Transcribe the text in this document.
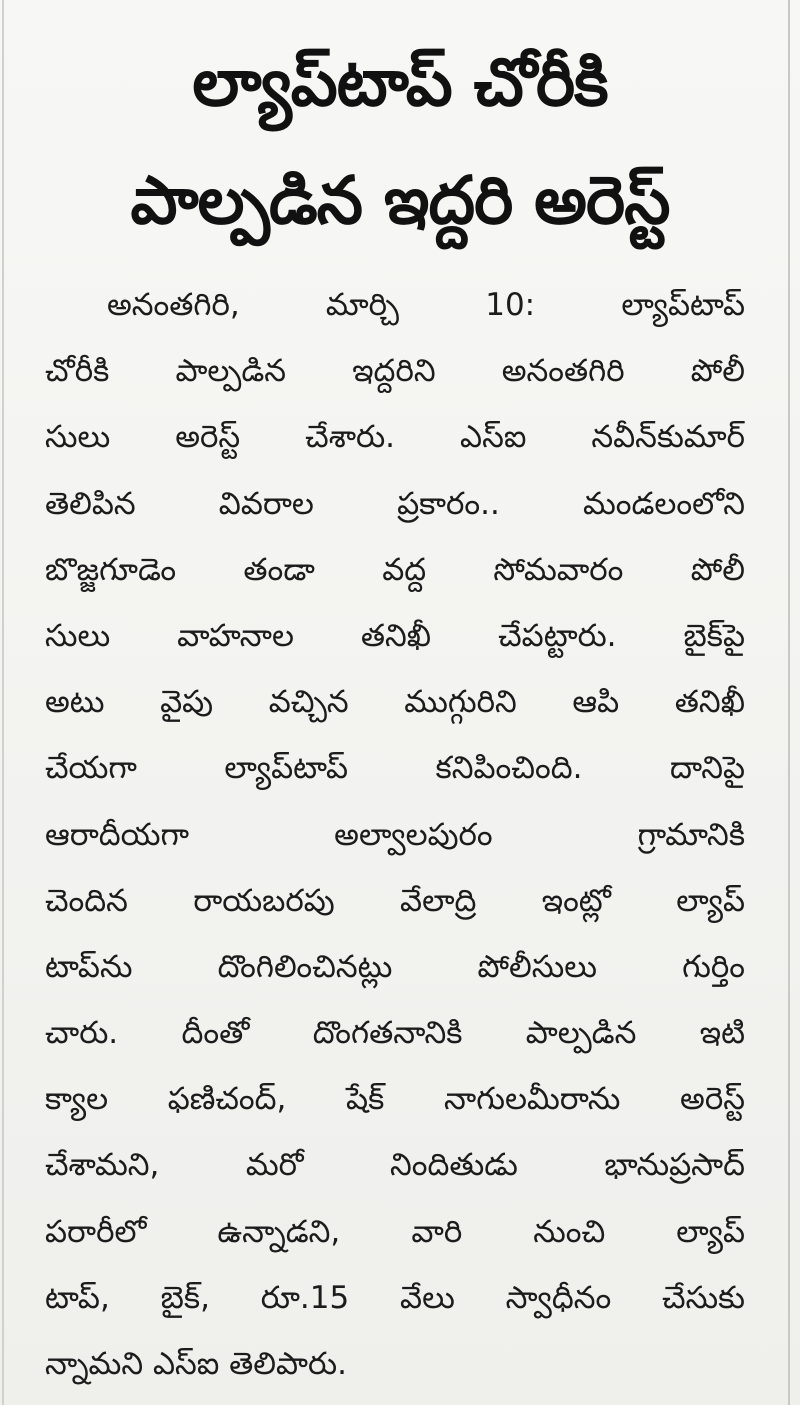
ల్యాప్‌టాప్ చోరీకి
పాల్పడిన ఇద్దరి అరెస్ట్
అనంతగిరి, మార్చి 10: ల్యాప్‌టాప్
చోరీకి పాల్పడిన ఇద్దరిని అనంతగిరి పోలీ
సులు అరెస్ట్ చేశారు. ఎస్ఐ నవీన్‌కుమార్
తెలిపిన వివరాల ప్రకారం.. మండలంలోని
బొజ్జగూడెం తండా వద్ద సోమవారం పోలీ
సులు వాహనాల తనిఖీ చేపట్టారు. బైక్‌పై
అటు వైపు వచ్చిన ముగ్గురిని ఆపి తనిఖీ
చేయగా ల్యాప్‌టాప్ కనిపించింది. దానిపై
ఆరాదీయగా అల్వాలపురం గ్రామానికి
చెందిన రాయబరపు వేలాద్రి ఇంట్లో ల్యాప్
టాప్‌ను దొంగిలించినట్లు పోలీసులు గుర్తిం
చారు. దీంతో దొంగతనానికి పాల్పడిన ఇటి
క్యాల ఫణిచంద్, షేక్ నాగులమీరాను అరెస్ట్
చేశామని, మరో నిందితుడు భానుప్రసాద్
పరారీలో ఉన్నాడని, వారి నుంచి ల్యాప్
టాప్, బైక్, రూ.15 వేలు స్వాధీనం చేసుకు
న్నామని ఎస్ఐ తెలిపారు.
